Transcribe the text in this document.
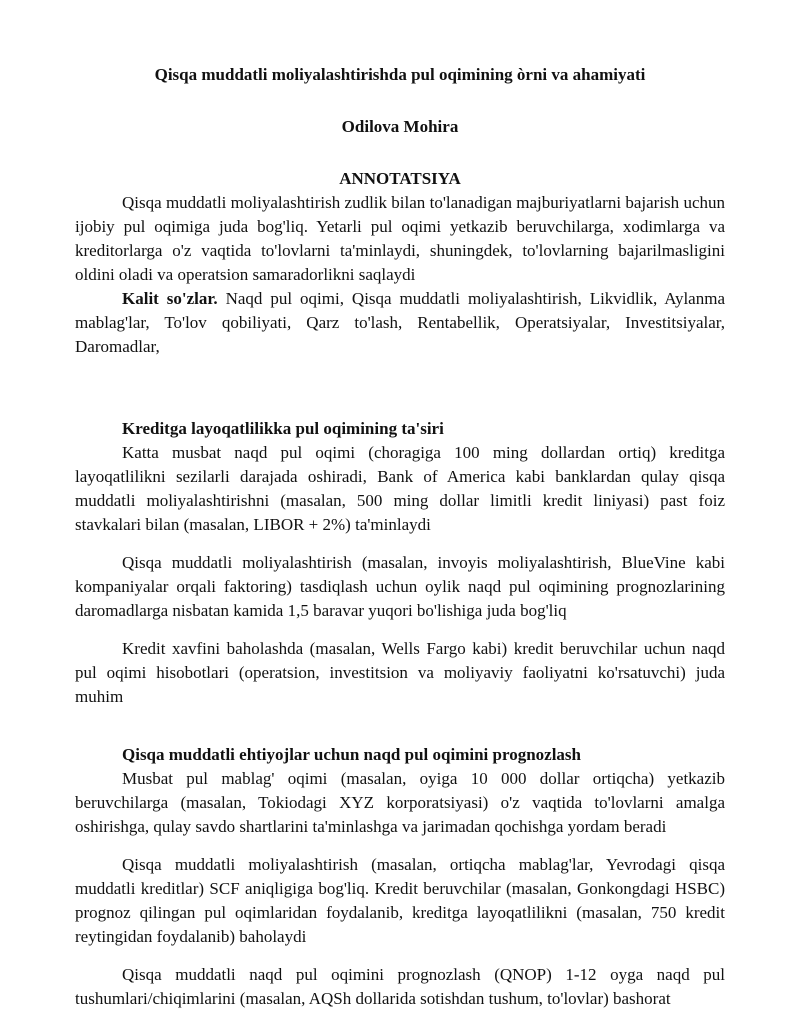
Qisqa muddatli moliyalashtirishda pul oqimining òrni va ahamiyati

Odilova Mohira

ANNOTATSIYA

Qisqa muddatli moliyalashtirish zudlik bilan to'lanadigan majburiyatlarni bajarish uchun ijobiy pul oqimiga juda bog'liq. Yetarli pul oqimi yetkazib beruvchilarga, xodimlarga va kreditorlarga o'z vaqtida to'lovlarni ta'minlaydi, shuningdek, to'lovlarning bajarilmasligini oldini oladi va operatsion samaradorlikni saqlaydi

Kalit so'zlar. Naqd pul oqimi, Qisqa muddatli moliyalashtirish, Likvidlik, Aylanma mablag'lar, To'lov qobiliyati, Qarz to'lash, Rentabellik, Operatsiyalar, Investitsiyalar, Daromadlar,

Kreditga layoqatlilikka pul oqimining ta'siri

Katta musbat naqd pul oqimi (choragiga 100 ming dollardan ortiq) kreditga layoqatlilikni sezilarli darajada oshiradi, Bank of America kabi banklardan qulay qisqa muddatli moliyalashtirishni (masalan, 500 ming dollar limitli kredit liniyasi) past foiz stavkalari bilan (masalan, LIBOR + 2%) ta'minlaydi

Qisqa muddatli moliyalashtirish (masalan, invoyis moliyalashtirish, BlueVine kabi kompaniyalar orqali faktoring) tasdiqlash uchun oylik naqd pul oqimining prognozlarining daromadlarga nisbatan kamida 1,5 baravar yuqori bo'lishiga juda bog'liq

Kredit xavfini baholashda (masalan, Wells Fargo kabi) kredit beruvchilar uchun naqd pul oqimi hisobotlari (operatsion, investitsion va moliyaviy faoliyatni ko'rsatuvchi) juda muhim

Qisqa muddatli ehtiyojlar uchun naqd pul oqimini prognozlash

Musbat pul mablag' oqimi (masalan, oyiga 10 000 dollar ortiqcha) yetkazib beruvchilarga (masalan, Tokiodagi XYZ korporatsiyasi) o'z vaqtida to'lovlarni amalga oshirishga, qulay savdo shartlarini ta'minlashga va jarimadan qochishga yordam beradi

Qisqa muddatli moliyalashtirish (masalan, ortiqcha mablag'lar, Yevrodagi qisqa muddatli kreditlar) SCF aniqligiga bog'liq. Kredit beruvchilar (masalan, Gonkongdagi HSBC) prognoz qilingan pul oqimlaridan foydalanib, kreditga layoqatlilikni (masalan, 750 kredit reytingidan foydalanib) baholaydi

Qisqa muddatli naqd pul oqimini prognozlash (QNOP) 1-12 oyga naqd pul tushumlari/chiqimlarini (masalan, AQSh dollarida sotishdan tushum, to'lovlar) bashorat
